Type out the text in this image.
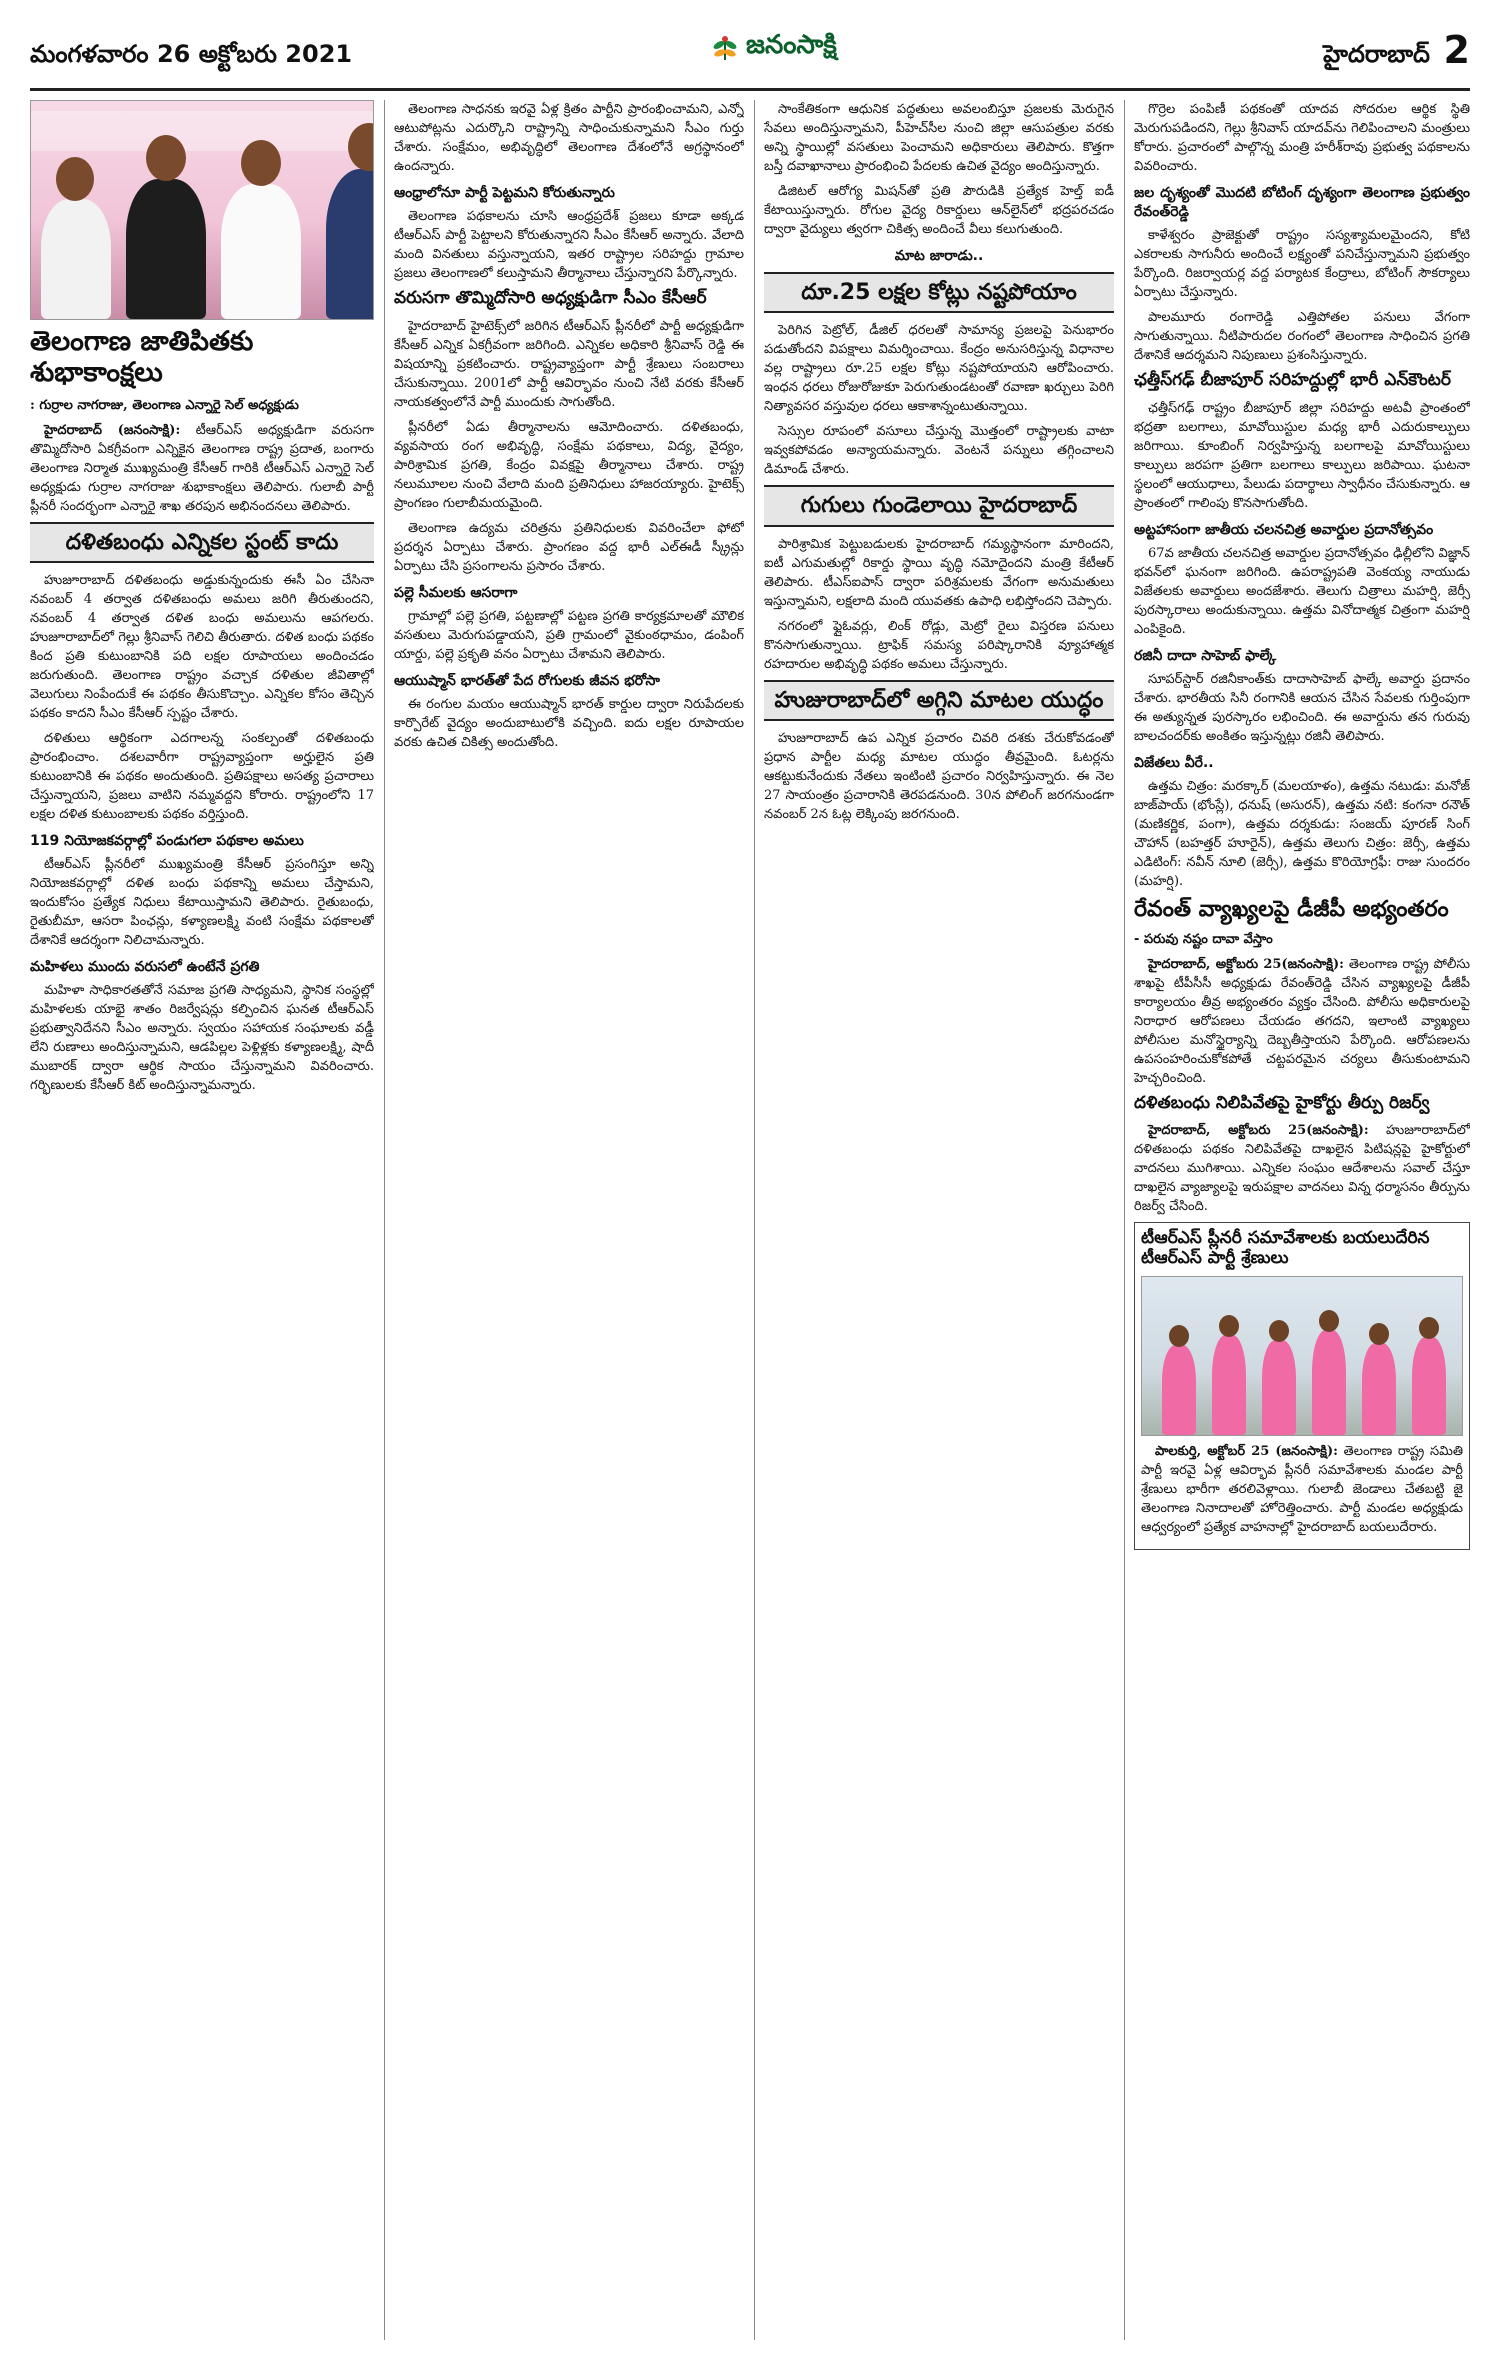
మంగళవారం 26 అక్టోబరు 2021	జనంసాక్షి	హైదరాబాద్ 2
తెలంగాణ జాతిపితకు శుభాకాంక్షలు
: గుర్రాల నాగరాజు, తెలంగాణ ఎన్నారై సెల్ అధ్యక్షుడు

హైదరాబాద్ (జనంసాక్షి): టీఆర్ఎస్ అధ్యక్షుడిగా వరుసగా తొమ్మిదోసారి ఏకగ్రీవంగా ఎన్నికైన తెలంగాణ రాష్ట్ర ప్రదాత, బంగారు తెలంగాణ నిర్మాత ముఖ్యమంత్రి కేసీఆర్ గారికి టీఆర్ఎస్ ఎన్నారై సెల్ అధ్యక్షుడు గుర్రాల నాగరాజు శుభాకాంక్షలు తెలిపారు. గులాబీ పార్టీ ప్లీనరీ సందర్భంగా ఎన్నారై శాఖ తరపున అభినందనలు తెలిపారు.

దళితబంధు ఎన్నికల స్టంట్ కాదు

హుజూరాబాద్ దళితబంధు అడ్డుకున్నందుకు ఈసీ ఏం చేసినా నవంబర్ 4 తర్వాత దళితబంధు అమలు జరిగి తీరుతుందని, నవంబర్ 4 తర్వాత దళిత బంధు అమలును ఆపగలరు. హుజూరాబాద్‌లో గెల్లు శ్రీనివాస్ గెలిచి తీరుతారు. దళిత బంధు పథకం కింద ప్రతి కుటుంబానికి పది లక్షల రూపాయలు అందించడం జరుగుతుంది. తెలంగాణ రాష్ట్రం వచ్చాక దళితుల జీవితాల్లో వెలుగులు నింపేందుకే ఈ పథకం తీసుకొచ్చాం. ఎన్నికల కోసం తెచ్చిన పథకం కాదని సీఎం కేసీఆర్ స్పష్టం చేశారు.

దళితులు ఆర్థికంగా ఎదగాలన్న సంకల్పంతో దళితబంధు ప్రారంభించాం. దశలవారీగా రాష్ట్రవ్యాప్తంగా అర్హులైన ప్రతి కుటుంబానికి ఈ పథకం అందుతుంది. ప్రతిపక్షాలు అసత్య ప్రచారాలు చేస్తున్నాయని, ప్రజలు వాటిని నమ్మవద్దని కోరారు. రాష్ట్రంలోని 17 లక్షల దళిత కుటుంబాలకు పథకం వర్తిస్తుంది.

119 నియోజకవర్గాల్లో పండుగలా పథకాల అమలు

టీఆర్ఎస్ ప్లీనరీలో ముఖ్యమంత్రి కేసీఆర్ ప్రసంగిస్తూ అన్ని నియోజకవర్గాల్లో దళిత బంధు పథకాన్ని అమలు చేస్తామని, ఇందుకోసం ప్రత్యేక నిధులు కేటాయిస్తామని తెలిపారు. రైతుబంధు, రైతుబీమా, ఆసరా పింఛన్లు, కళ్యాణలక్ష్మి వంటి సంక్షేమ పథకాలతో దేశానికే ఆదర్శంగా నిలిచామన్నారు.

మహిళలు ముందు వరుసలో ఉంటేనే ప్రగతి

మహిళా సాధికారతతోనే సమాజ ప్రగతి సాధ్యమని, స్థానిక సంస్థల్లో మహిళలకు యాభై శాతం రిజర్వేషన్లు కల్పించిన ఘనత టీఆర్ఎస్ ప్రభుత్వానిదేనని సీఎం అన్నారు. స్వయం సహాయక సంఘాలకు వడ్డీ లేని రుణాలు అందిస్తున్నామని, ఆడపిల్లల పెళ్లిళ్లకు కళ్యాణలక్ష్మి, షాదీ ముబారక్ ద్వారా ఆర్థిక సాయం చేస్తున్నామని వివరించారు. గర్భిణులకు కేసీఆర్ కిట్ అందిస్తున్నామన్నారు.

తెలంగాణ సాధనకు ఇరవై ఏళ్ల క్రితం పార్టీని ప్రారంభించామని, ఎన్నో ఆటుపోట్లను ఎదుర్కొని రాష్ట్రాన్ని సాధించుకున్నామని సీఎం గుర్తు చేశారు. సంక్షేమం, అభివృద్ధిలో తెలంగాణ దేశంలోనే అగ్రస్థానంలో ఉందన్నారు.

ఆంధ్రాలోనూ పార్టీ పెట్టమని కోరుతున్నారు

తెలంగాణ పథకాలను చూసి ఆంధ్రప్రదేశ్ ప్రజలు కూడా అక్కడ టీఆర్ఎస్ పార్టీ పెట్టాలని కోరుతున్నారని సీఎం కేసీఆర్ అన్నారు. వేలాది మంది వినతులు వస్తున్నాయని, ఇతర రాష్ట్రాల సరిహద్దు గ్రామాల ప్రజలు తెలంగాణలో కలుస్తామని తీర్మానాలు చేస్తున్నారని పేర్కొన్నారు.

వరుసగా తొమ్మిదోసారి అధ్యక్షుడిగా సీఎం కేసీఆర్

హైదరాబాద్ హైటెక్స్‌లో జరిగిన టీఆర్ఎస్ ప్లీనరీలో పార్టీ అధ్యక్షుడిగా కేసీఆర్ ఎన్నిక ఏకగ్రీవంగా జరిగింది. ఎన్నికల అధికారి శ్రీనివాస్ రెడ్డి ఈ విషయాన్ని ప్రకటించారు. రాష్ట్రవ్యాప్తంగా పార్టీ శ్రేణులు సంబరాలు చేసుకున్నాయి. 2001లో పార్టీ ఆవిర్భావం నుంచి నేటి వరకు కేసీఆర్ నాయకత్వంలోనే పార్టీ ముందుకు సాగుతోంది.

ప్లీనరీలో ఏడు తీర్మానాలను ఆమోదించారు. దళితబంధు, వ్యవసాయ రంగ అభివృద్ధి, సంక్షేమ పథకాలు, విద్య, వైద్యం, పారిశ్రామిక ప్రగతి, కేంద్రం వివక్షపై తీర్మానాలు చేశారు. రాష్ట్ర నలుమూలల నుంచి వేలాది మంది ప్రతినిధులు హాజరయ్యారు. హైటెక్స్ ప్రాంగణం గులాబీమయమైంది.

తెలంగాణ ఉద్యమ చరిత్రను ప్రతినిధులకు వివరించేలా ఫోటో ప్రదర్శన ఏర్పాటు చేశారు. ప్రాంగణం వద్ద భారీ ఎల్ఈడీ స్క్రీన్లు ఏర్పాటు చేసి ప్రసంగాలను ప్రసారం చేశారు.

పల్లె సీమలకు ఆసరాగా

గ్రామాల్లో పల్లె ప్రగతి, పట్టణాల్లో పట్టణ ప్రగతి కార్యక్రమాలతో మౌలిక వసతులు మెరుగుపడ్డాయని, ప్రతి గ్రామంలో వైకుంఠధామం, డంపింగ్ యార్డు, పల్లె ప్రకృతి వనం ఏర్పాటు చేశామని తెలిపారు.

ఆయుష్మాన్ భారత్‌తో పేద రోగులకు జీవన భరోసా

ఈ రంగుల మయం ఆయుష్మాన్ భారత్ కార్డుల ద్వారా నిరుపేదలకు కార్పొరేట్ వైద్యం అందుబాటులోకి వచ్చింది. ఐదు లక్షల రూపాయల వరకు ఉచిత చికిత్స అందుతోంది.

సాంకేతికంగా ఆధునిక పద్ధతులు అవలంబిస్తూ ప్రజలకు మెరుగైన సేవలు అందిస్తున్నామని, పీహెచ్‌సీల నుంచి జిల్లా ఆసుపత్రుల వరకు అన్ని స్థాయిల్లో వసతులు పెంచామని అధికారులు తెలిపారు. కొత్తగా బస్తీ దవాఖానాలు ప్రారంభించి పేదలకు ఉచిత వైద్యం అందిస్తున్నారు.

డిజిటల్ ఆరోగ్య మిషన్‌తో ప్రతి పౌరుడికి ప్రత్యేక హెల్త్ ఐడీ కేటాయిస్తున్నారు. రోగుల వైద్య రికార్డులు ఆన్‌లైన్‌లో భద్రపరచడం ద్వారా వైద్యులు త్వరగా చికిత్స అందించే వీలు కలుగుతుంది.

మాట జారాడు..
దూ.25 లక్షల కోట్లు నష్టపోయాం

పెరిగిన పెట్రోల్, డీజిల్ ధరలతో సామాన్య ప్రజలపై పెనుభారం పడుతోందని విపక్షాలు విమర్శించాయి. కేంద్రం అనుసరిస్తున్న విధానాల వల్ల రాష్ట్రాలు రూ.25 లక్షల కోట్లు నష్టపోయాయని ఆరోపించారు. ఇంధన ధరలు రోజురోజుకూ పెరుగుతుండటంతో రవాణా ఖర్చులు పెరిగి నిత్యావసర వస్తువుల ధరలు ఆకాశాన్నంటుతున్నాయి.

సెస్సుల రూపంలో వసూలు చేస్తున్న మొత్తంలో రాష్ట్రాలకు వాటా ఇవ్వకపోవడం అన్యాయమన్నారు. వెంటనే పన్నులు తగ్గించాలని డిమాండ్ చేశారు.

గుగులు గుండెలాయి హైదరాబాద్

పారిశ్రామిక పెట్టుబడులకు హైదరాబాద్ గమ్యస్థానంగా మారిందని, ఐటీ ఎగుమతుల్లో రికార్డు స్థాయి వృద్ధి నమోదైందని మంత్రి కేటీఆర్ తెలిపారు. టీఎస్ఐపాస్ ద్వారా పరిశ్రమలకు వేగంగా అనుమతులు ఇస్తున్నామని, లక్షలాది మంది యువతకు ఉపాధి లభిస్తోందని చెప్పారు.

నగరంలో ఫ్లైఓవర్లు, లింక్ రోడ్లు, మెట్రో రైలు విస్తరణ పనులు కొనసాగుతున్నాయి. ట్రాఫిక్ సమస్య పరిష్కారానికి వ్యూహాత్మక రహదారుల అభివృద్ధి పథకం అమలు చేస్తున్నారు.

హుజురాబాద్‌లో అగ్గిని మాటల యుద్ధం

హుజూరాబాద్ ఉప ఎన్నిక ప్రచారం చివరి దశకు చేరుకోవడంతో ప్రధాన పార్టీల మధ్య మాటల యుద్ధం తీవ్రమైంది. ఓటర్లను ఆకట్టుకునేందుకు నేతలు ఇంటింటి ప్రచారం నిర్వహిస్తున్నారు. ఈ నెల 27 సాయంత్రం ప్రచారానికి తెరపడనుంది. 30న పోలింగ్ జరగనుండగా నవంబర్ 2న ఓట్ల లెక్కింపు జరగనుంది.

గొర్రెల పంపిణీ పథకంతో యాదవ సోదరుల ఆర్థిక స్థితి మెరుగుపడిందని, గెల్లు శ్రీనివాస్ యాదవ్‌ను గెలిపించాలని మంత్రులు కోరారు. ప్రచారంలో పాల్గొన్న మంత్రి హరీశ్‌రావు ప్రభుత్వ పథకాలను వివరించారు.

జల దృశ్యంతో మొదటి బోటింగ్ దృశ్యంగా తెలంగాణ ప్రభుత్వం రేవంత్‌రెడ్డి

కాళేశ్వరం ప్రాజెక్టుతో రాష్ట్రం సస్యశ్యామలమైందని, కోటి ఎకరాలకు సాగునీరు అందించే లక్ష్యంతో పనిచేస్తున్నామని ప్రభుత్వం పేర్కొంది. రిజర్వాయర్ల వద్ద పర్యాటక కేంద్రాలు, బోటింగ్ సౌకర్యాలు ఏర్పాటు చేస్తున్నారు.

పాలమూరు రంగారెడ్డి ఎత్తిపోతల పనులు వేగంగా సాగుతున్నాయి. నీటిపారుదల రంగంలో తెలంగాణ సాధించిన ప్రగతి దేశానికే ఆదర్శమని నిపుణులు ప్రశంసిస్తున్నారు.

ఛత్తీస్‌గఢ్ బీజాపూర్ సరిహద్దుల్లో భారీ ఎన్‌కౌంటర్

ఛత్తీస్‌గఢ్ రాష్ట్రం బీజాపూర్ జిల్లా సరిహద్దు అటవీ ప్రాంతంలో భద్రతా బలగాలు, మావోయిస్టుల మధ్య భారీ ఎదురుకాల్పులు జరిగాయి. కూంబింగ్ నిర్వహిస్తున్న బలగాలపై మావోయిస్టులు కాల్పులు జరపగా ప్రతిగా బలగాలు కాల్పులు జరిపాయి. ఘటనా స్థలంలో ఆయుధాలు, పేలుడు పదార్థాలు స్వాధీనం చేసుకున్నారు. ఆ ప్రాంతంలో గాలింపు కొనసాగుతోంది.

అట్టహాసంగా జాతీయ చలనచిత్ర అవార్డుల ప్రదానోత్సవం

67వ జాతీయ చలనచిత్ర అవార్డుల ప్రదానోత్సవం ఢిల్లీలోని విజ్ఞాన్ భవన్‌లో ఘనంగా జరిగింది. ఉపరాష్ట్రపతి వెంకయ్య నాయుడు విజేతలకు అవార్డులు అందజేశారు. తెలుగు చిత్రాలు మహర్షి, జెర్సీ పురస్కారాలు అందుకున్నాయి. ఉత్తమ వినోదాత్మక చిత్రంగా మహర్షి ఎంపికైంది.

రజినీ దాదా సాహెబ్ ఫాల్కే

సూపర్‌స్టార్ రజినీకాంత్‌కు దాదాసాహెబ్ ఫాల్కే అవార్డు ప్రదానం చేశారు. భారతీయ సినీ రంగానికి ఆయన చేసిన సేవలకు గుర్తింపుగా ఈ అత్యున్నత పురస్కారం లభించింది. ఈ అవార్డును తన గురువు బాలచందర్‌కు అంకితం ఇస్తున్నట్లు రజినీ తెలిపారు.

విజేతలు వీరే..

ఉత్తమ చిత్రం: మరక్కార్ (మలయాళం), ఉత్తమ నటుడు: మనోజ్ బాజ్‌పాయ్ (భోంస్లే), ధనుష్ (అసురన్), ఉత్తమ నటి: కంగనా రనౌత్ (మణికర్ణిక, పంగా), ఉత్తమ దర్శకుడు: సంజయ్ పూరణ్ సింగ్ చౌహాన్ (బహత్తర్ హూరైన్), ఉత్తమ తెలుగు చిత్రం: జెర్సీ, ఉత్తమ ఎడిటింగ్: నవీన్ నూలి (జెర్సీ), ఉత్తమ కొరియోగ్రఫీ: రాజు సుందరం (మహర్షి).

రేవంత్ వ్యాఖ్యలపై డీజీపీ అభ్యంతరం
- పరువు నష్టం దావా వేస్తాం

హైదరాబాద్, అక్టోబరు 25(జనంసాక్షి): తెలంగాణ రాష్ట్ర పోలీసు శాఖపై టీపీసీసీ అధ్యక్షుడు రేవంత్‌రెడ్డి చేసిన వ్యాఖ్యలపై డీజీపీ కార్యాలయం తీవ్ర అభ్యంతరం వ్యక్తం చేసింది. పోలీసు అధికారులపై నిరాధార ఆరోపణలు చేయడం తగదని, ఇలాంటి వ్యాఖ్యలు పోలీసుల మనోస్థైర్యాన్ని దెబ్బతీస్తాయని పేర్కొంది. ఆరోపణలను ఉపసంహరించుకోకపోతే చట్టపరమైన చర్యలు తీసుకుంటామని హెచ్చరించింది.

దళితబంధు నిలిపివేతపై హైకోర్టు తీర్పు రిజర్వ్

హైదరాబాద్, అక్టోబరు 25(జనంసాక్షి): హుజూరాబాద్‌లో దళితబంధు పథకం నిలిపివేతపై దాఖలైన పిటిషన్లపై హైకోర్టులో వాదనలు ముగిశాయి. ఎన్నికల సంఘం ఆదేశాలను సవాల్ చేస్తూ దాఖలైన వ్యాజ్యాలపై ఇరుపక్షాల వాదనలు విన్న ధర్మాసనం తీర్పును రిజర్వ్ చేసింది.

టీఆర్ఎస్ ప్లీనరీ సమావేశాలకు బయలుదేరిన టీఆర్ఎస్ పార్టీ శ్రేణులు

పాలకుర్తి, అక్టోబర్ 25 (జనంసాక్షి): తెలంగాణ రాష్ట్ర సమితి పార్టీ ఇరవై ఏళ్ల ఆవిర్భావ ప్లీనరీ సమావేశాలకు మండల పార్టీ శ్రేణులు భారీగా తరలివెళ్లాయి. గులాబీ జెండాలు చేతబట్టి జై తెలంగాణ నినాదాలతో హోరెత్తించారు. పార్టీ మండల అధ్యక్షుడు ఆధ్వర్యంలో ప్రత్యేక వాహనాల్లో హైదరాబాద్ బయలుదేరారు.
